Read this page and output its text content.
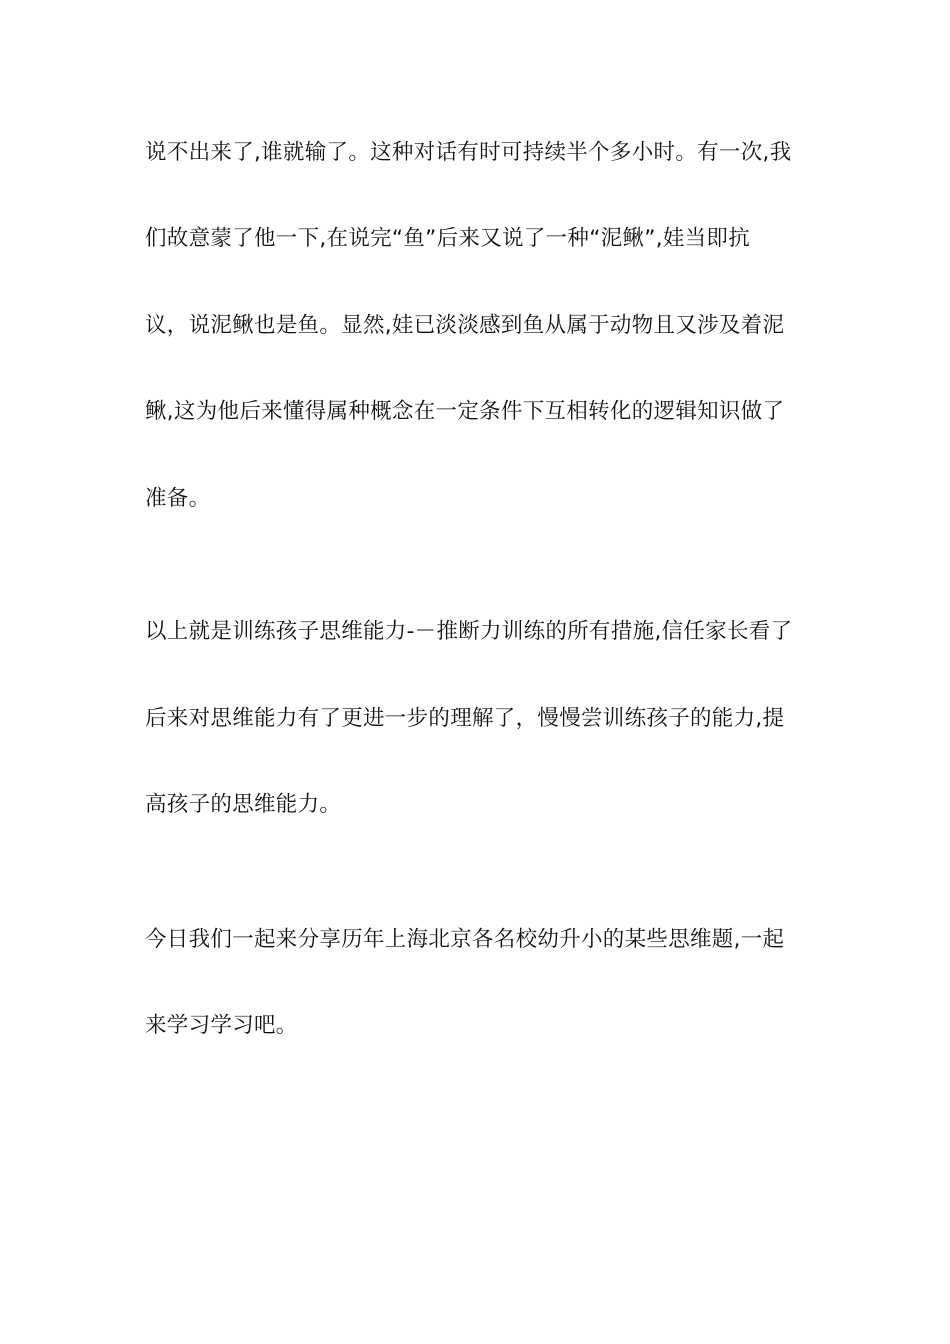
说不出来了,谁就输了。这种对话有时可持续半个多小时。有一次,我

们故意蒙了他一下,在说完“鱼”后来又说了一种“泥鳅”,娃当即抗

议，说泥鳅也是鱼。显然,娃已淡淡感到鱼从属于动物且又涉及着泥

鳅,这为他后来懂得属种概念在一定条件下互相转化的逻辑知识做了

准备。

以上就是训练孩子思维能力-－推断力训练的所有措施,信任家长看了

后来对思维能力有了更进一步的理解了，慢慢尝训练孩子的能力,提

高孩子的思维能力。

今日我们一起来分享历年上海北京各名校幼升小的某些思维题,一起

来学习学习吧。
